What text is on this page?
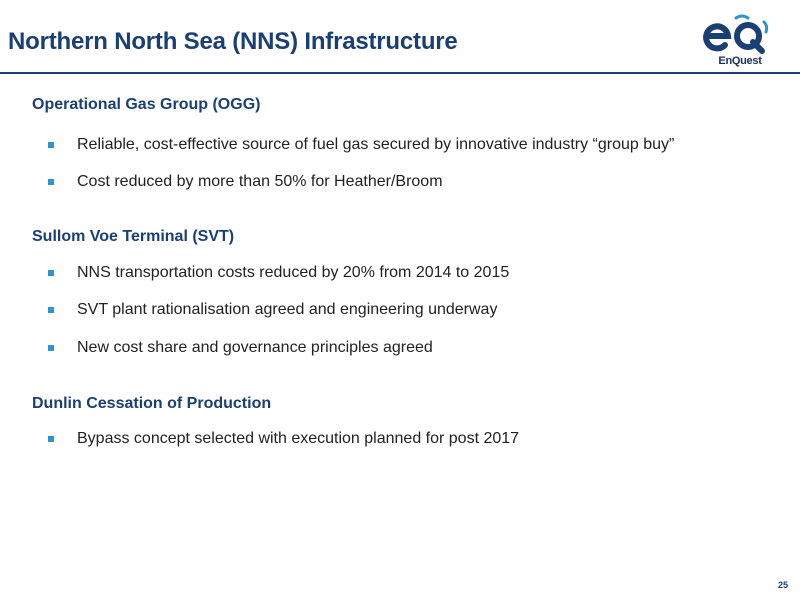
Northern North Sea (NNS) Infrastructure
EnQuest
Operational Gas Group (OGG)
Reliable, cost-effective source of fuel gas secured by innovative industry “group buy”
Cost reduced by more than 50% for Heather/Broom
Sullom Voe Terminal (SVT)
NNS transportation costs reduced by 20% from 2014 to 2015
SVT plant rationalisation agreed and engineering underway
New cost share and governance principles agreed
Dunlin Cessation of Production
Bypass concept selected with execution planned for post 2017
25
